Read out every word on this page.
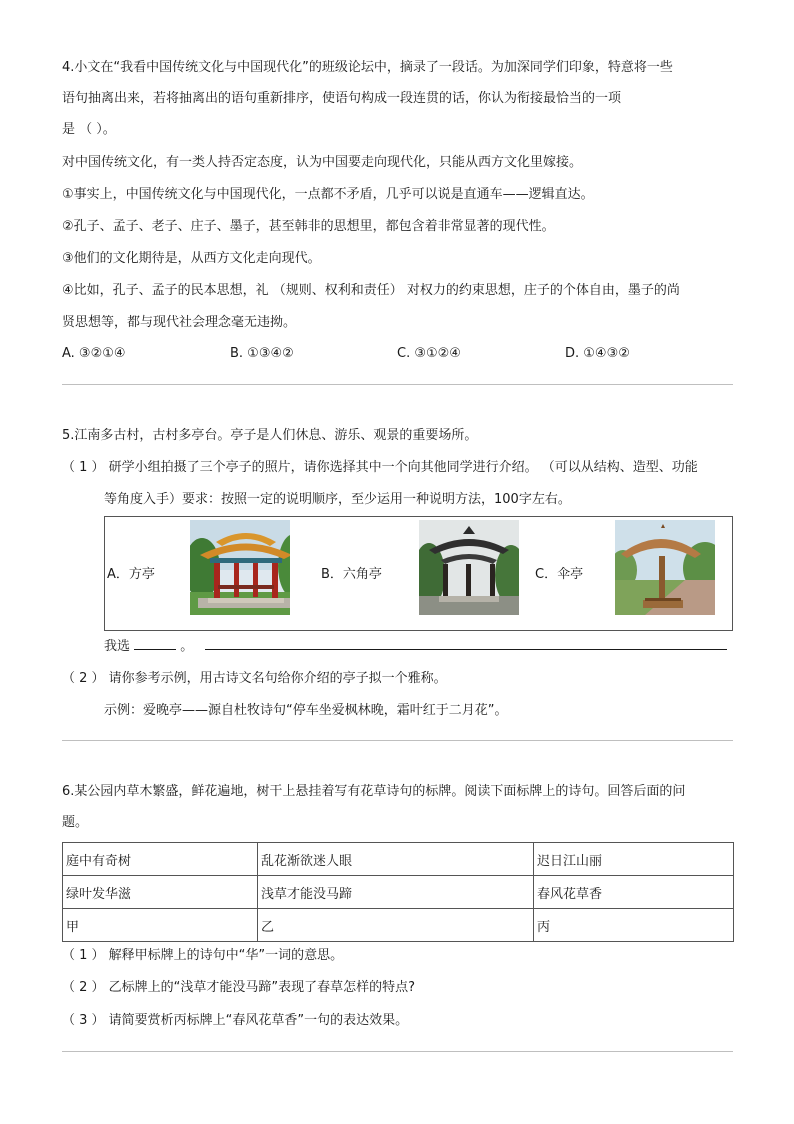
4.小文在“我看中国传统文化与中国现代化”的班级论坛中，摘录了一段话。为加深同学们印象，特意将一些
语句抽离出来，若将抽离出的语句重新排序，使语句构成一段连贯的话，你认为衔接最恰当的一项
是 （ ）。
对中国传统文化，有一类人持否定态度，认为中国要走向现代化，只能从西方文化里嫁接。
①事实上，中国传统文化与中国现代化，一点都不矛盾，几乎可以说是直通车——逻辑直达。
②孔子、孟子、老子、庄子、墨子，甚至韩非的思想里，都包含着非常显著的现代性。
③他们的文化期待是，从西方文化走向现代。
④比如，孔子、孟子的民本思想，礼 （规则、权利和责任） 对权力的约束思想，庄子的个体自由，墨子的尚
贤思想等，都与现代社会理念毫无违拗。
A. ③②①④	B. ①③④②	C. ③①②④	D. ①④③②
5.江南多古村，古村多亭台。亭子是人们休息、游乐、观景的重要场所。
（ 1 ） 研学小组拍摄了三个亭子的照片，请你选择其中一个向其他同学进行介绍。 （可以从结构、造型、功能
等角度入手）要求：按照一定的说明顺序，至少运用一种说明方法，100字左右。
A．方亭	B．六角亭	C．伞亭
我选	。
（ 2 ） 请你参考示例，用古诗文名句给你介绍的亭子拟一个雅称。
示例：爱晚亭——源自杜牧诗句“停车坐爱枫林晚，霜叶红于二月花”。
6.某公园内草木繁盛，鲜花遍地，树干上悬挂着写有花草诗句的标牌。阅读下面标牌上的诗句。回答后面的问
题。
庭中有奇树	乱花渐欲迷人眼	迟日江山丽
绿叶发华滋	浅草才能没马蹄	春风花草香
甲	乙	丙
（ 1 ） 解释甲标牌上的诗句中“华”一词的意思。
（ 2 ） 乙标牌上的“浅草才能没马蹄”表现了春草怎样的特点?
（ 3 ） 请简要赏析丙标牌上“春风花草香”一句的表达效果。
